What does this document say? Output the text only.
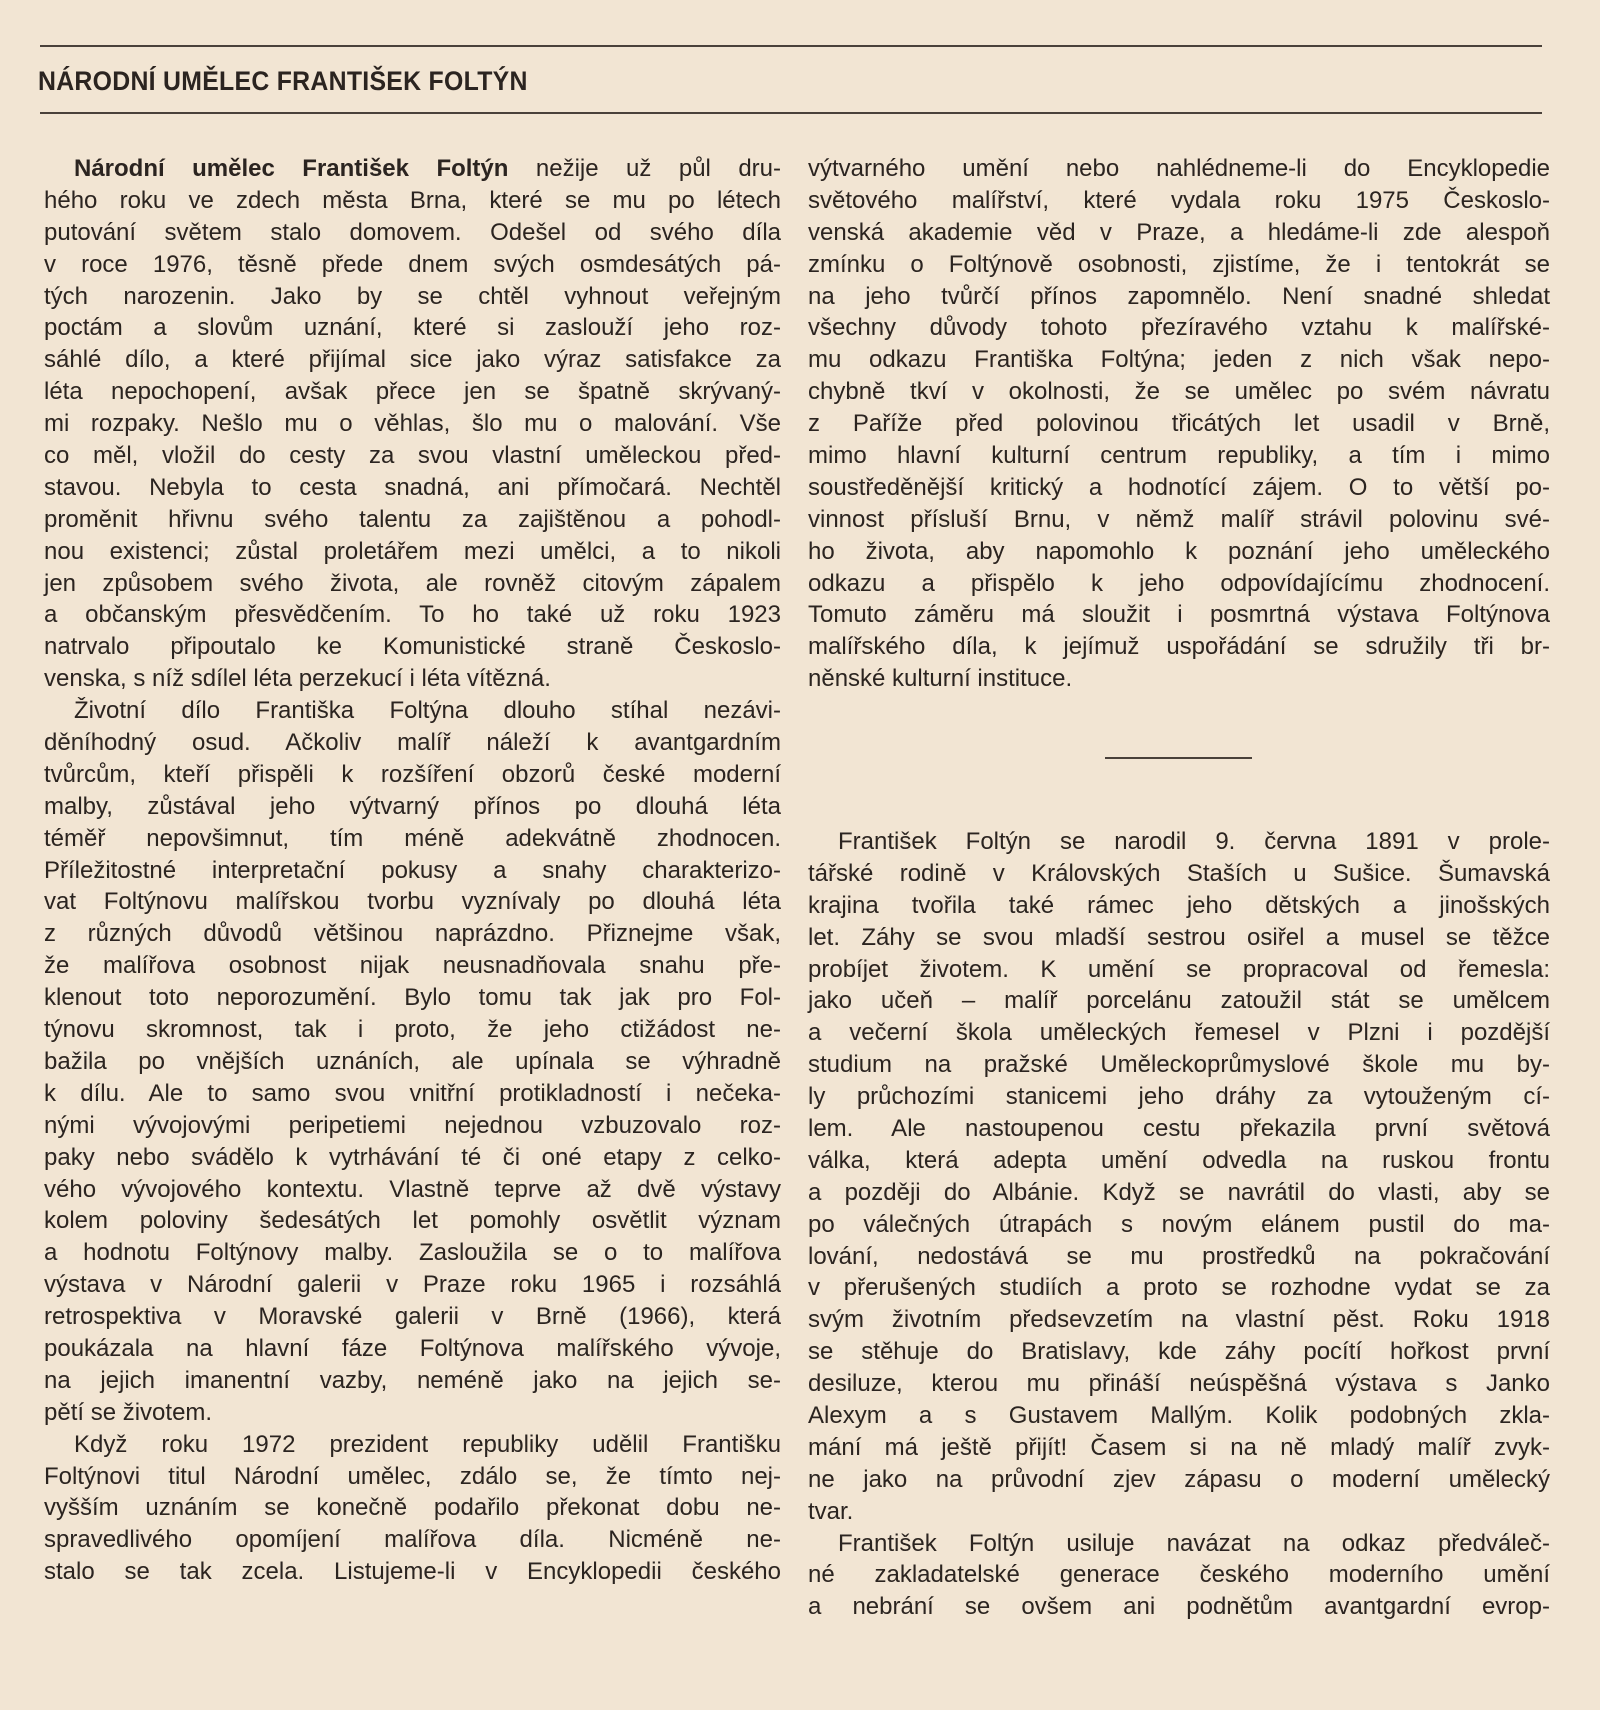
NÁRODNÍ UMĚLEC FRANTIŠEK FOLTÝN
Národní umělec František Foltýn nežije už půl dru-
hého roku ve zdech města Brna, které se mu po létech
putování světem stalo domovem. Odešel od svého díla
v roce 1976, těsně přede dnem svých osmdesátých pá-
tých narozenin. Jako by se chtěl vyhnout veřejným
poctám a slovům uznání, které si zaslouží jeho roz-
sáhlé dílo, a které přijímal sice jako výraz satisfakce za
léta nepochopení, avšak přece jen se špatně skrývaný-
mi rozpaky. Nešlo mu o věhlas, šlo mu o malování. Vše
co měl, vložil do cesty za svou vlastní uměleckou před-
stavou. Nebyla to cesta snadná, ani přímočará. Nechtěl
proměnit hřivnu svého talentu za zajištěnou a pohodl-
nou existenci; zůstal proletářem mezi umělci, a to nikoli
jen způsobem svého života, ale rovněž citovým zápalem
a občanským přesvědčením. To ho také už roku 1923
natrvalo připoutalo ke Komunistické straně Českoslo-
venska, s níž sdílel léta perzekucí i léta vítězná.
Životní dílo Františka Foltýna dlouho stíhal nezávi-
děníhodný osud. Ačkoliv malíř náleží k avantgardním
tvůrcům, kteří přispěli k rozšíření obzorů české moderní
malby, zůstával jeho výtvarný přínos po dlouhá léta
téměř nepovšimnut, tím méně adekvátně zhodnocen.
Příležitostné interpretační pokusy a snahy charakterizo-
vat Foltýnovu malířskou tvorbu vyznívaly po dlouhá léta
z různých důvodů většinou naprázdno. Přiznejme však,
že malířova osobnost nijak neusnadňovala snahu pře-
klenout toto neporozumění. Bylo tomu tak jak pro Fol-
týnovu skromnost, tak i proto, že jeho ctižádost ne-
bažila po vnějších uznáních, ale upínala se výhradně
k dílu. Ale to samo svou vnitřní protikladností i nečeka-
nými vývojovými peripetiemi nejednou vzbuzovalo roz-
paky nebo svádělo k vytrhávání té či oné etapy z celko-
vého vývojového kontextu. Vlastně teprve až dvě výstavy
kolem poloviny šedesátých let pomohly osvětlit význam
a hodnotu Foltýnovy malby. Zasloužila se o to malířova
výstava v Národní galerii v Praze roku 1965 i rozsáhlá
retrospektiva v Moravské galerii v Brně (1966), která
poukázala na hlavní fáze Foltýnova malířského vývoje,
na jejich imanentní vazby, neméně jako na jejich se-
pětí se životem.
Když roku 1972 prezident republiky udělil Františku
Foltýnovi titul Národní umělec, zdálo se, že tímto nej-
vyšším uznáním se konečně podařilo překonat dobu ne-
spravedlivého opomíjení malířova díla. Nicméně ne-
stalo se tak zcela. Listujeme-li v Encyklopedii českého
výtvarného umění nebo nahlédneme-li do Encyklopedie
světového malířství, které vydala roku 1975 Českoslo-
venská akademie věd v Praze, a hledáme-li zde alespoň
zmínku o Foltýnově osobnosti, zjistíme, že i tentokrát se
na jeho tvůrčí přínos zapomnělo. Není snadné shledat
všechny důvody tohoto přezíravého vztahu k malířské-
mu odkazu Františka Foltýna; jeden z nich však nepo-
chybně tkví v okolnosti, že se umělec po svém návratu
z Paříže před polovinou třicátých let usadil v Brně,
mimo hlavní kulturní centrum republiky, a tím i mimo
soustředěnější kritický a hodnotící zájem. O to větší po-
vinnost přísluší Brnu, v němž malíř strávil polovinu své-
ho života, aby napomohlo k poznání jeho uměleckého
odkazu a přispělo k jeho odpovídajícímu zhodnocení.
Tomuto záměru má sloužit i posmrtná výstava Foltýnova
malířského díla, k jejímuž uspořádání se sdružily tři br-
něnské kulturní instituce.
František Foltýn se narodil 9. června 1891 v prole-
tářské rodině v Královských Staších u Sušice. Šumavská
krajina tvořila také rámec jeho dětských a jinošských
let. Záhy se svou mladší sestrou osiřel a musel se těžce
probíjet životem. K umění se propracoval od řemesla:
jako učeň – malíř porcelánu zatoužil stát se umělcem
a večerní škola uměleckých řemesel v Plzni i pozdější
studium na pražské Uměleckoprůmyslové škole mu by-
ly průchozími stanicemi jeho dráhy za vytouženým cí-
lem. Ale nastoupenou cestu překazila první světová
válka, která adepta umění odvedla na ruskou frontu
a později do Albánie. Když se navrátil do vlasti, aby se
po válečných útrapách s novým elánem pustil do ma-
lování, nedostává se mu prostředků na pokračování
v přerušených studiích a proto se rozhodne vydat se za
svým životním předsevzetím na vlastní pěst. Roku 1918
se stěhuje do Bratislavy, kde záhy pocítí hořkost první
desiluze, kterou mu přináší neúspěšná výstava s Janko
Alexym a s Gustavem Mallým. Kolik podobných zkla-
mání má ještě přijít! Časem si na ně mladý malíř zvyk-
ne jako na průvodní zjev zápasu o moderní umělecký
tvar.
František Foltýn usiluje navázat na odkaz předváleč-
né zakladatelské generace českého moderního umění
a nebrání se ovšem ani podnětům avantgardní evrop-
